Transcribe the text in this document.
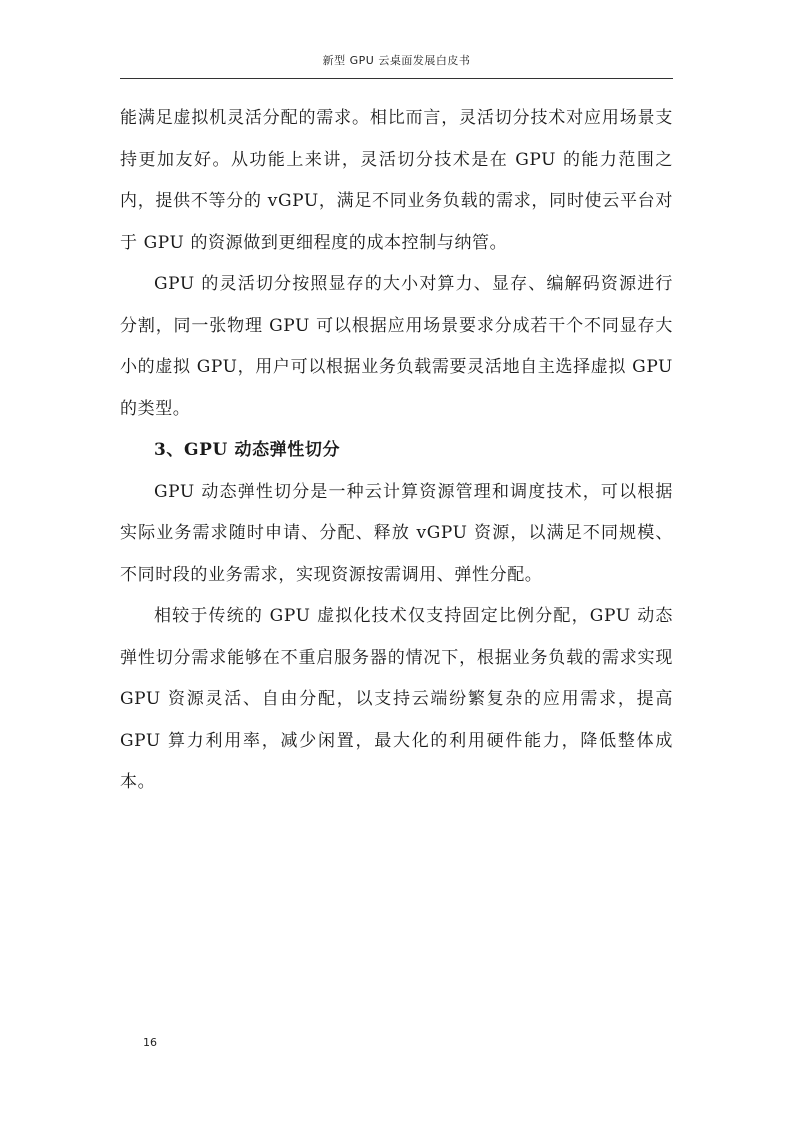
新型 GPU 云桌面发展白皮书

能满足虚拟机灵活分配的需求。相比而言，灵活切分技术对应用场景支持更加友好。从功能上来讲，灵活切分技术是在 GPU 的能力范围之内，提供不等分的 vGPU，满足不同业务负载的需求，同时使云平台对于 GPU 的资源做到更细程度的成本控制与纳管。

GPU 的灵活切分按照显存的大小对算力、显存、编解码资源进行分割，同一张物理 GPU 可以根据应用场景要求分成若干个不同显存大小的虚拟 GPU，用户可以根据业务负载需要灵活地自主选择虚拟 GPU 的类型。

3、GPU 动态弹性切分

GPU 动态弹性切分是一种云计算资源管理和调度技术，可以根据实际业务需求随时申请、分配、释放 vGPU 资源，以满足不同规模、不同时段的业务需求，实现资源按需调用、弹性分配。

相较于传统的 GPU 虚拟化技术仅支持固定比例分配，GPU 动态弹性切分需求能够在不重启服务器的情况下，根据业务负载的需求实现 GPU 资源灵活、自由分配，以支持云端纷繁复杂的应用需求，提高 GPU 算力利用率，减少闲置，最大化的利用硬件能力，降低整体成本。

16
